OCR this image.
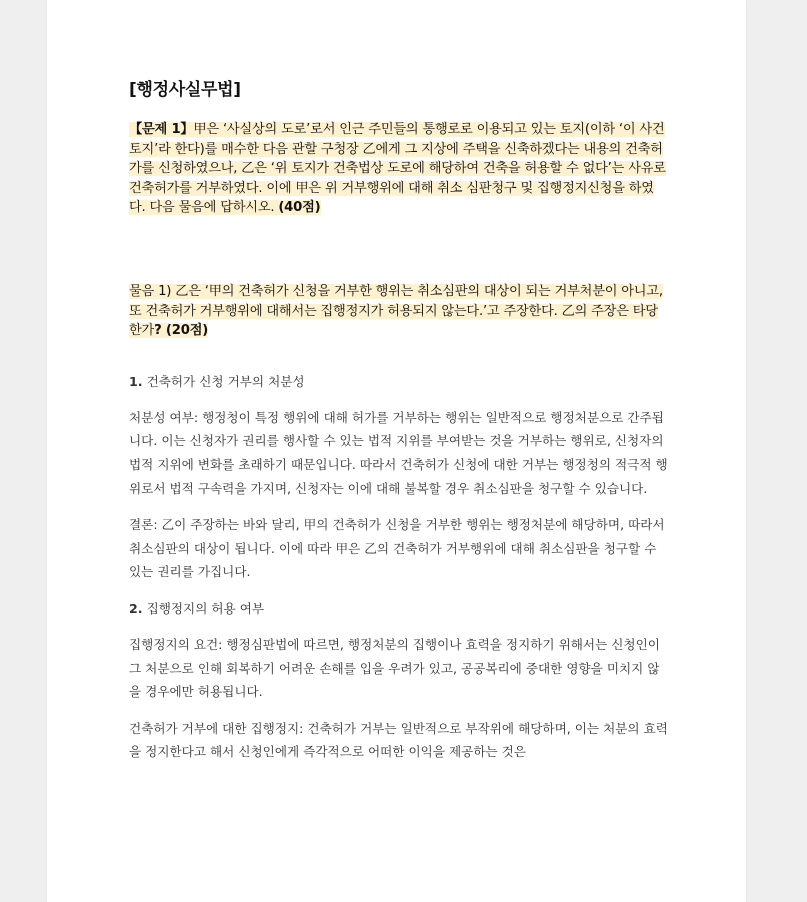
[행정사실무법]
【문제 1】甲은 ‘사실상의 도로’로서 인근 주민들의 통행로로 이용되고 있는 토지(이하 ‘이 사건 토지’라 한다)를 매수한 다음 관할 구청장 乙에게 그 지상에 주택을 신축하겠다는 내용의 건축허가를 신청하였으나, 乙은 ‘위 토지가 건축법상 도로에 해당하여 건축을 허용할 수 없다’는 사유로 건축허가를 거부하였다. 이에 甲은 위 거부행위에 대해 취소 심판청구 및 집행정지신청을 하였다. 다음 물음에 답하시오. (40점)
물음 1) 乙은 ‘甲의 건축허가 신청을 거부한 행위는 취소심판의 대상이 되는 거부처분이 아니고, 또 건축허가 거부행위에 대해서는 집행정지가 허용되지 않는다.’고 주장한다. 乙의 주장은 타당한가? (20점)

1. 건축허가 신청 거부의 처분성

처분성 여부: 행정청이 특정 행위에 대해 허가를 거부하는 행위는 일반적으로 행정처분으로 간주됩니다. 이는 신청자가 권리를 행사할 수 있는 법적 지위를 부여받는 것을 거부하는 행위로, 신청자의 법적 지위에 변화를 초래하기 때문입니다. 따라서 건축허가 신청에 대한 거부는 행정청의 적극적 행위로서 법적 구속력을 가지며, 신청자는 이에 대해 불복할 경우 취소심판을 청구할 수 있습니다.

결론: 乙이 주장하는 바와 달리, 甲의 건축허가 신청을 거부한 행위는 행정처분에 해당하며, 따라서 취소심판의 대상이 됩니다. 이에 따라 甲은 乙의 건축허가 거부행위에 대해 취소심판을 청구할 수 있는 권리를 가집니다.

2. 집행정지의 허용 여부

집행정지의 요건: 행정심판법에 따르면, 행정처분의 집행이나 효력을 정지하기 위해서는 신청인이 그 처분으로 인해 회복하기 어려운 손해를 입을 우려가 있고, 공공복리에 중대한 영향을 미치지 않을 경우에만 허용됩니다.

건축허가 거부에 대한 집행정지: 건축허가 거부는 일반적으로 부작위에 해당하며, 이는 처분의 효력을 정지한다고 해서 신청인에게 즉각적으로 어떠한 이익을 제공하는 것은
